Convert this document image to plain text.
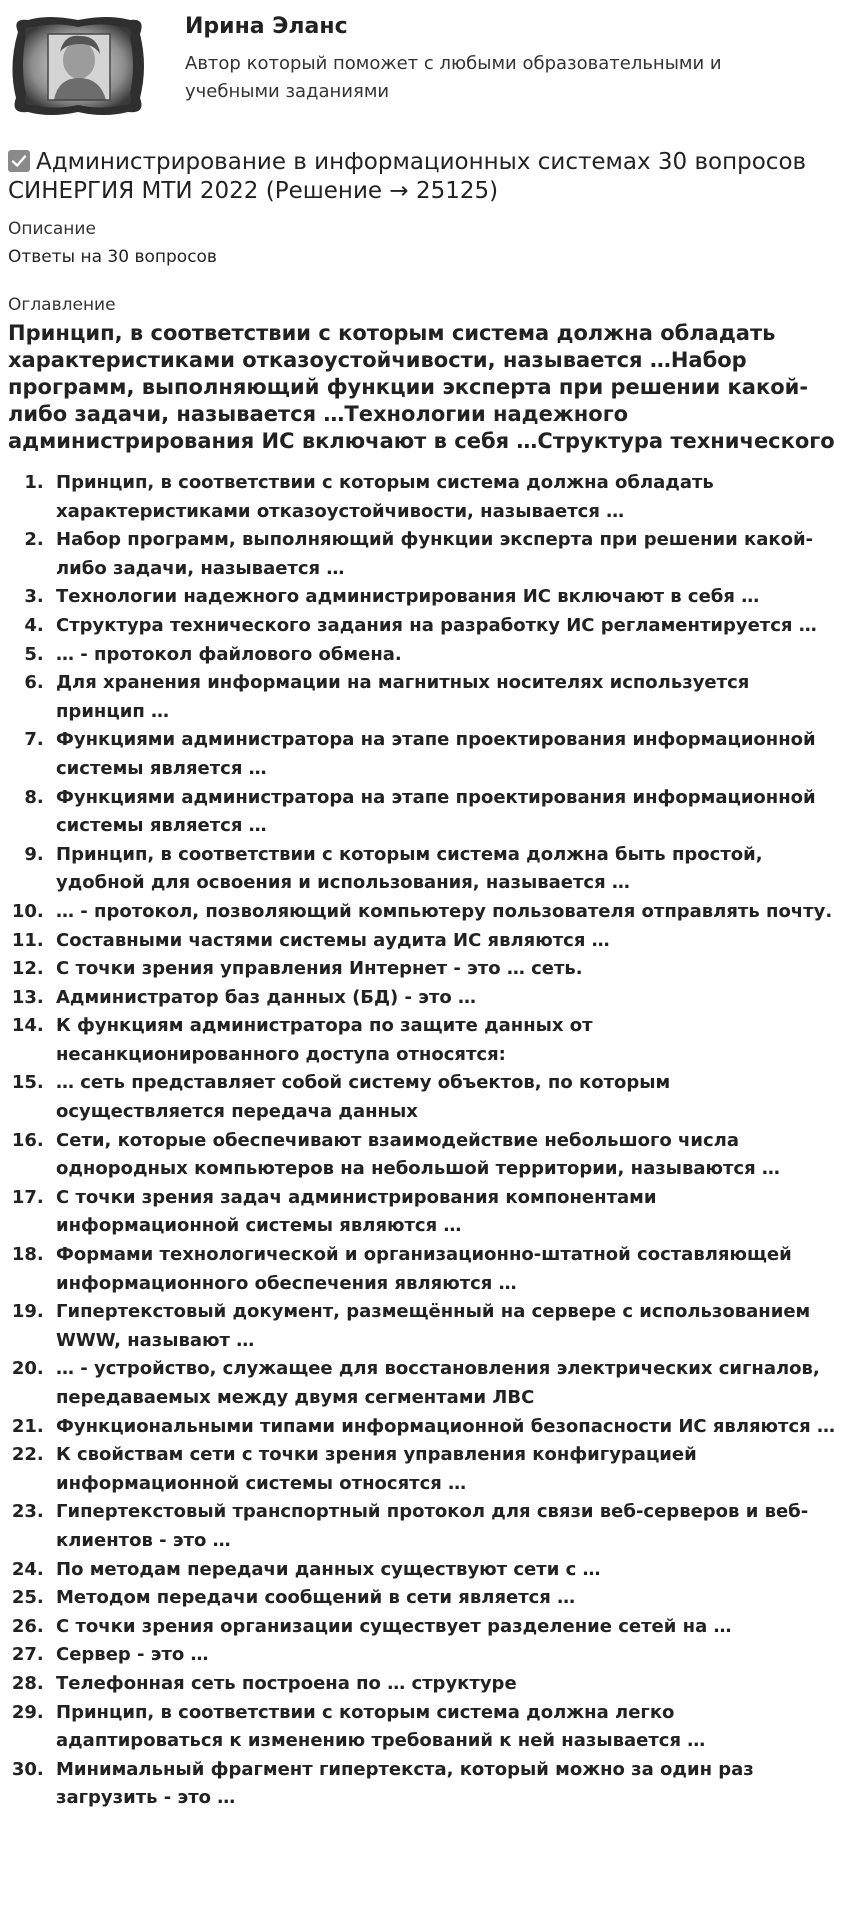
Ирина Эланс

Автор который поможет с любыми образовательными и учебными заданиями

Администрирование в информационных системах 30 вопросов СИНЕРГИЯ МТИ 2022 (Решение → 25125)

Описание

Ответы на 30 вопросов

Оглавление

Принцип, в соответствии с которым система должна обладать характеристиками отказоустойчивости, называется …Набор программ, выполняющий функции эксперта при решении какой-либо задачи, называется …Технологии надежного администрирования ИС включают в себя …Структура технического
1. Принцип, в соответствии с которым система должна обладать характеристиками отказоустойчивости, называется …
2. Набор программ, выполняющий функции эксперта при решении какой-либо задачи, называется …
3. Технологии надежного администрирования ИС включают в себя …
4. Структура технического задания на разработку ИС регламентируется …
5. … - протокол файлового обмена.
6. Для хранения информации на магнитных носителях используется принцип …
7. Функциями администратора на этапе проектирования информационной системы является …
8. Функциями администратора на этапе проектирования информационной системы является …
9. Принцип, в соответствии с которым система должна быть простой, удобной для освоения и использования, называется …
10. … - протокол, позволяющий компьютеру пользователя отправлять почту.
11. Составными частями системы аудита ИС являются …
12. С точки зрения управления Интернет - это … сеть.
13. Администратор баз данных (БД) - это …
14. К функциям администратора по защите данных от несанкционированного доступа относятся:
15. … сеть представляет собой систему объектов, по которым осуществляется передача данных
16. Сети, которые обеспечивают взаимодействие небольшого числа однородных компьютеров на небольшой территории, называются …
17. С точки зрения задач администрирования компонентами информационной системы являются …
18. Формами технологической и организационно-штатной составляющей информационного обеспечения являются …
19. Гипертекстовый документ, размещённый на сервере с использованием WWW, называют …
20. … - устройство, служащее для восстановления электрических сигналов, передаваемых между двумя сегментами ЛВС
21. Функциональными типами информационной безопасности ИС являются …
22. К свойствам сети с точки зрения управления конфигурацией информационной системы относятся …
23. Гипертекстовый транспортный протокол для связи веб-серверов и веб-клиентов - это …
24. По методам передачи данных существуют сети с …
25. Методом передачи сообщений в сети является …
26. С точки зрения организации существует разделение сетей на …
27. Сервер - это …
28. Телефонная сеть построена по … структуре
29. Принцип, в соответствии с которым система должна легко адаптироваться к изменению требований к ней называется …
30. Минимальный фрагмент гипертекста, который можно за один раз загрузить - это …
